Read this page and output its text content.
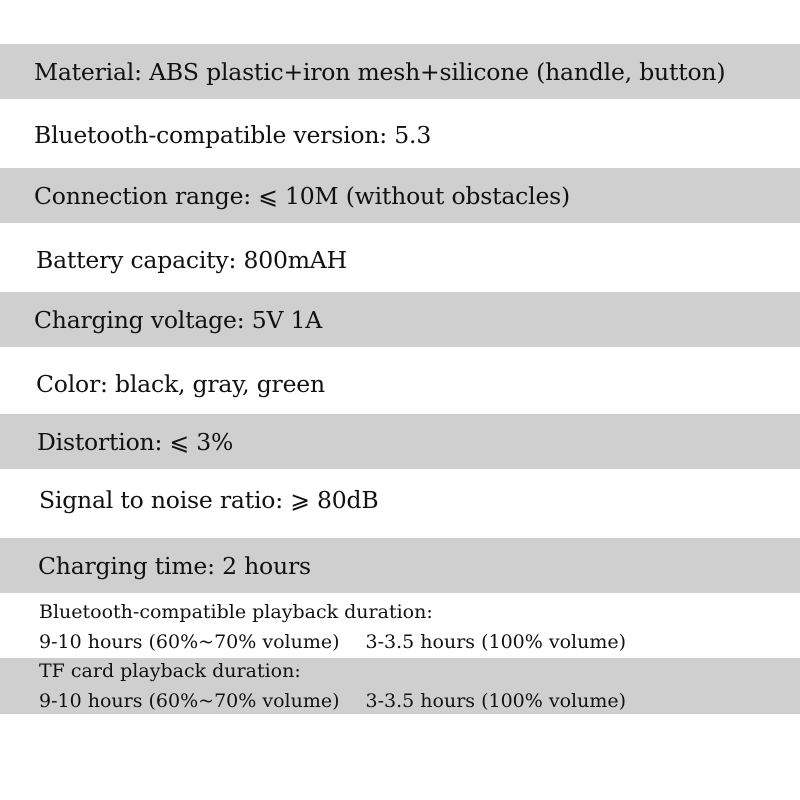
Material: ABS plastic+iron mesh+silicone (handle, button)
Bluetooth-compatible version: 5.3
Connection range: ⩽ 10M (without obstacles)
Battery capacity: 800mAH
Charging voltage: 5V 1A
Color: black, gray, green
Distortion: ⩽ 3%
Signal to noise ratio: ⩾ 80dB
Charging time: 2 hours
Bluetooth-compatible playback duration:
9-10 hours (60%~70% volume) 3-3.5 hours (100% volume)
TF card playback duration:
9-10 hours (60%~70% volume) 3-3.5 hours (100% volume)
